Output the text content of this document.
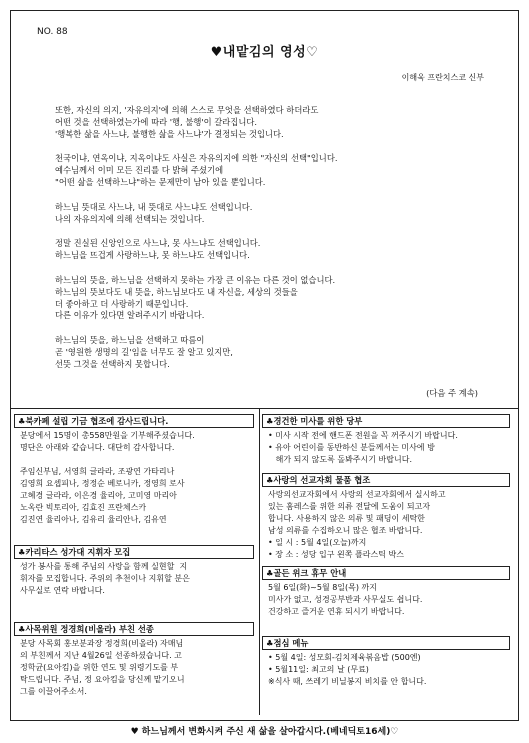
NO. 88
♥내맡김의 영성♡
이해욱 프란치스코 신부
또한, 자신의 의지, '자유의지'에 의해 스스로 무엇을 선택하였다 하더라도
어떤 것을 선택하였는가에 따라 '행, 불행'이 갈라집니다.
'행복한 삶을 사느냐, 불행한 삶을 사느냐'가 결정되는 것입니다.
천국이냐, 연옥이냐, 지옥이냐도 사실은 자유의지에 의한 "자신의 선택"입니다.
예수님께서 이미 모든 진리를 다 밝혀 주셨기에
"어떤 삶을 선택하느냐"하는 문제만이 남아 있을 뿐입니다.
하느님 뜻대로 사느냐, 내 뜻대로 사느냐도 선택입니다.
나의 자유의지에 의해 선택되는 것입니다.
정말 진실된 신앙인으로 사느냐, 못 사느냐도 선택입니다.
하느님을 뜨겁게 사랑하느냐, 못 하느냐도 선택입니다.
하느님의 뜻을, 하느님을 선택하지 못하는 가장 큰 이유는 다른 것이 없습니다.
하느님의 뜻보다도 내 뜻을, 하느님보다도 내 자신을, 세상의 것들을
더 좋아하고 더 사랑하기 때문입니다.
다른 이유가 있다면 알려주시기 바랍니다.
하느님의 뜻을, 하느님을 선택하고 따름이
곧 '영원한 생명의 길'임을 너무도 잘 알고 있지만,
선뜻 그것을 선택하지 못합니다.
(다음 주 계속)
♣북카페 설립 기금 협조에 감사드립니다.
분당에서 15명이 총558만원을 기부해주셨습니다.
명단은 아래와 같습니다. 대단히 감사합니다.

주임신부님, 서영희 글라라, 조광연 가타리나
김영희 요셉피나, 정정순 베로니카, 정영희 로사
고혜경 글라라, 이은경 율리아, 고미영 마리아
노옥란 빅토리아, 김효진 프란체스카
김진연 율리아나, 김유리 율리안나, 김유연
♣카리타스 성가대 지휘자 모집
성가 봉사를 통해 주님의 사랑을 함께 실현할  지
휘자를 모집합니다. 주위의 추천이나 지휘할 분은
사무실로 연락 바랍니다.
♣사목위원 정경희(비올라) 부친 선종
분당 사목회 홍보분과장 정경희(비올라) 자매님
의 부친께서 지난 4월26일 선종하셨습니다. 고
정학균(요아킴)을 위한 연도 및 위령기도를 부
탁드립니다. 주님, 정 요아킴을 당신께 맡기오니
그를 이끌어주소서.
♣경건한 미사를 위한 당부
• 미사 시작 전에 핸드폰 전원을 꼭 꺼주시기 바랍니다.
• 유아 어린이를 동반하신 분들께서는 미사에 방
해가 되지 않도록 돌봐주시기 바랍니다.
♣사랑의 선교자회 물품 협조
사랑의선교자회에서 사랑의 선교자회에서 실시하고
있는 홈레스를 위한 의류 전달에 도움이 되고자
합니다. 사용하지 않은 의류 및 패딩이 세탁한
남성 의류를 수집하오니 많은 협조 바랍니다.
• 일 시 : 5월 4일(오늘)까지
• 장 소 : 성당 입구 왼쪽 플라스틱 박스
♣골든 위크 휴무 안내
5월 6일(화)~5월 8일(목) 까지
미사가 없고, 성경공부반과 사무실도 쉽니다.
건강하고 즐거운 연휴 되시기 바랍니다.
♣점심 메뉴
• 5월 4일: 성모회-김치제육볶음밥 (500엔)
• 5월11일: 최고의 날 (무료)
※식사 때, 쓰레기 비닐봉지 비치를 안 합니다.
♥ 하느님께서 변화시켜 주신 새 삶을 살아갑시다.(베네딕토16세)♡
